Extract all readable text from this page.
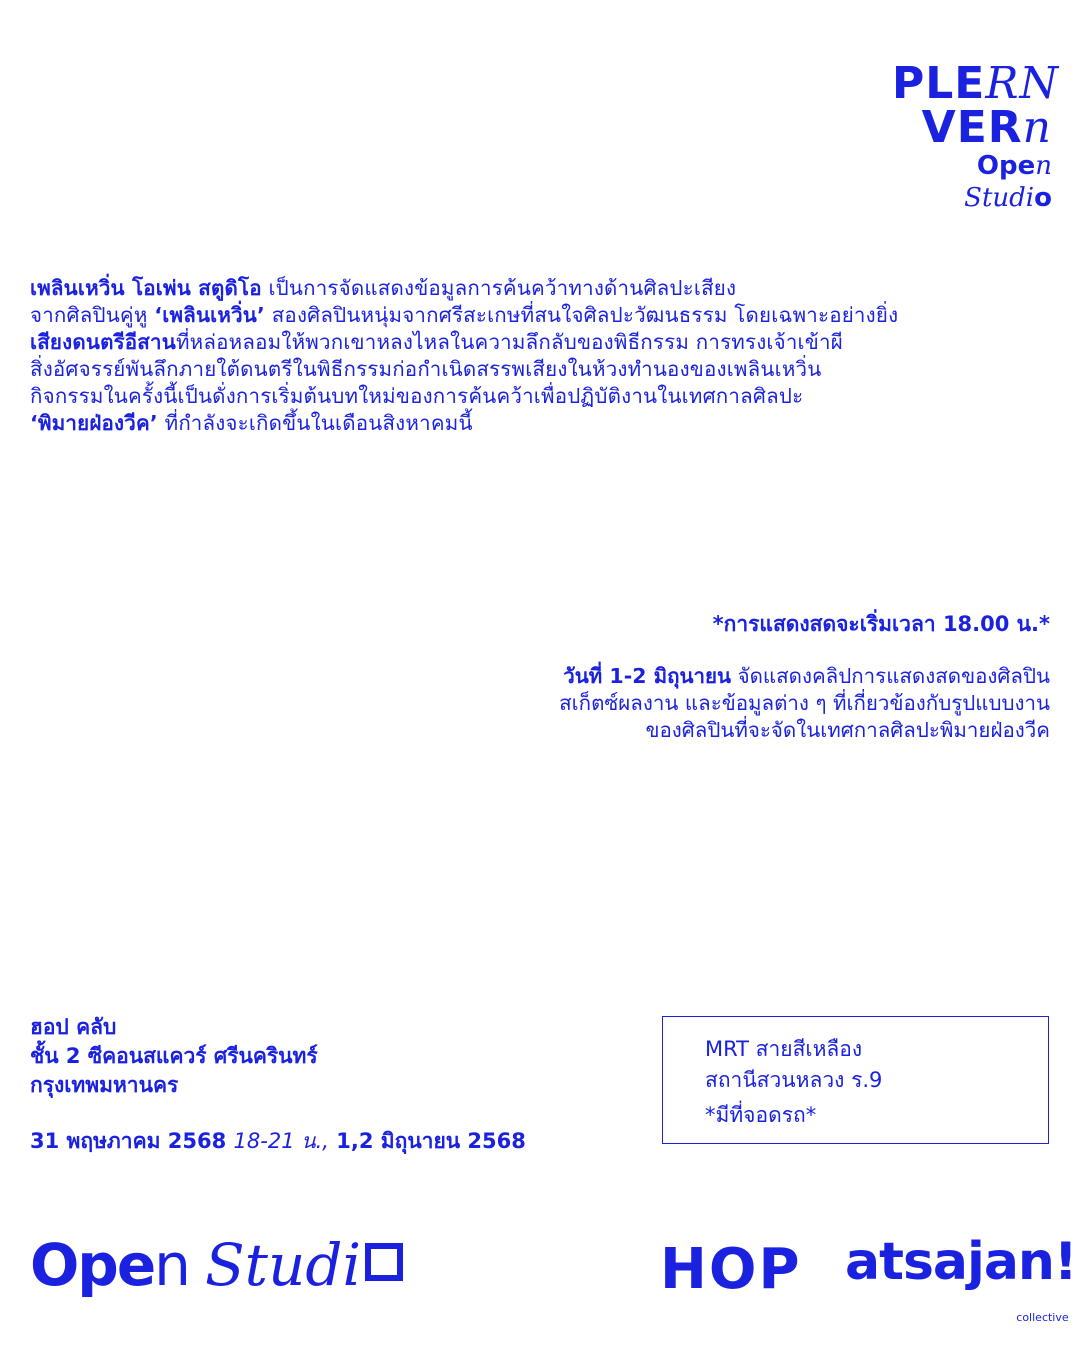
PLERN
VERn
Open Studio
เพลินเหวิ่น โอเพ่น สตูดิโอ เป็นการจัดแสดงข้อมูลการค้นคว้าทางด้านศิลปะเสียง
จากศิลปินคู่หู ‘เพลินเหวิ่น’ สองศิลปินหนุ่มจากศรีสะเกษที่สนใจศิลปะวัฒนธรรม โดยเฉพาะอย่างยิ่ง
เสียงดนตรีอีสานที่หล่อหลอมให้พวกเขาหลงไหลในความลึกลับของพิธีกรรม การทรงเจ้าเข้าผี
สิ่งอัศจรรย์พันลึกภายใต้ดนตรีในพิธีกรรมก่อกำเนิดสรรพเสียงในห้วงทำนองของเพลินเหวิ่น
กิจกรรมในครั้งนี้เป็นดั่งการเริ่มต้นบทใหม่ของการค้นคว้าเพื่อปฏิบัติงานในเทศกาลศิลปะ
‘พิมายฝ่องวีค’ ที่กำลังจะเกิดขึ้นในเดือนสิงหาคมนี้
*การแสดงสดจะเริ่มเวลา 18.00 น.*
วันที่ 1-2 มิถุนายน จัดแสดงคลิปการแสดงสดของศิลปิน
สเก็ตซ์ผลงาน และข้อมูลต่าง ๆ ที่เกี่ยวข้องกับรูปแบบงาน
ของศิลปินที่จะจัดในเทศกาลศิลปะพิมายฝ่องวีค
ฮอป คลับ
ชั้น 2 ซีคอนสแควร์ ศรีนครินทร์
กรุงเทพมหานคร
31 พฤษภาคม 2568 18-21 น., 1,2 มิถุนายน 2568
MRT สายสีเหลือง
สถานีสวนหลวง ร.9
*มีที่จอดรถ*
Open Studi	HOP atsajan!
collective
